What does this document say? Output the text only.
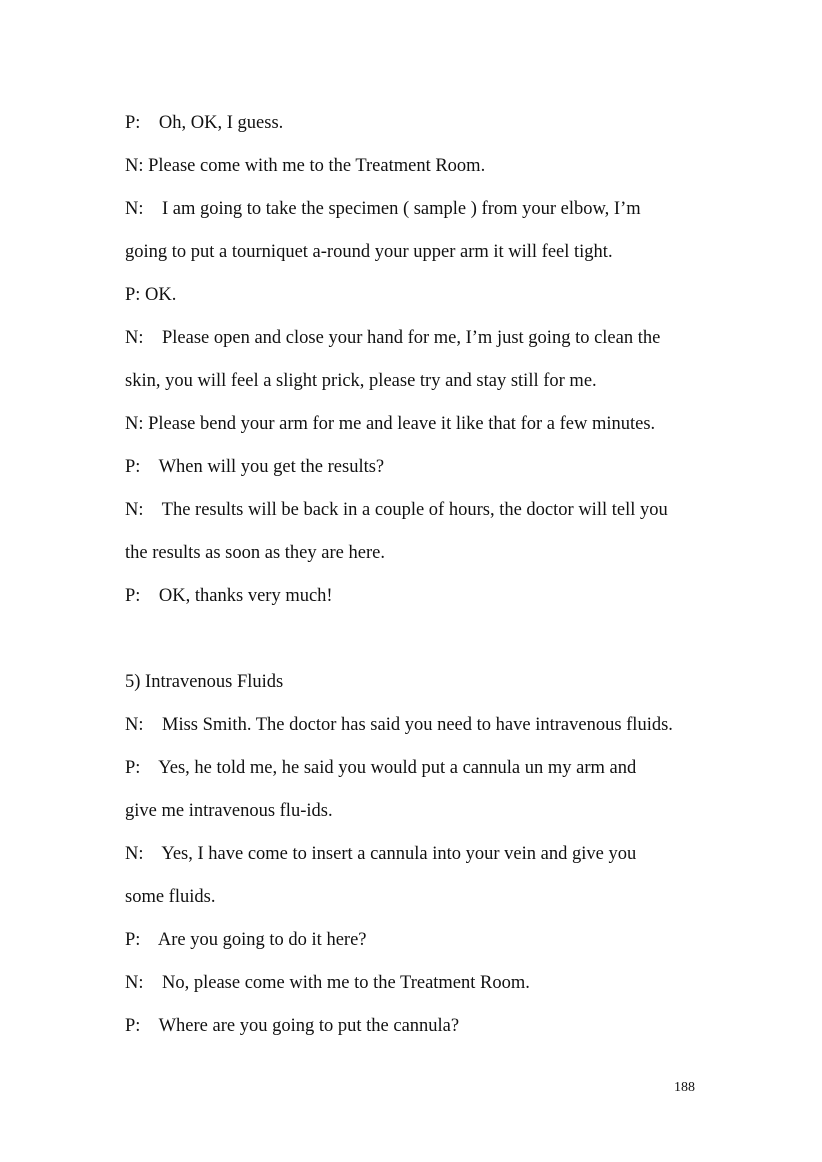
P:    Oh, OK, I guess.
N: Please come with me to the Treatment Room.
N:    I am going to take the specimen ( sample ) from your elbow, I’m
going to put a tourniquet a-round your upper arm it will feel tight.
P: OK.
N:    Please open and close your hand for me, I’m just going to clean the
skin, you will feel a slight prick, please try and stay still for me.
N: Please bend your arm for me and leave it like that for a few minutes.
P:    When will you get the results?
N:    The results will be back in a couple of hours, the doctor will tell you
the results as soon as they are here.
P:    OK, thanks very much!
5) Intravenous Fluids
N:    Miss Smith. The doctor has said you need to have intravenous fluids.
P:    Yes, he told me, he said you would put a cannula un my arm and
give me intravenous flu-ids.
N:    Yes, I have come to insert a cannula into your vein and give you
some fluids.
P:    Are you going to do it here?
N:    No, please come with me to the Treatment Room.
P:    Where are you going to put the cannula?
188
